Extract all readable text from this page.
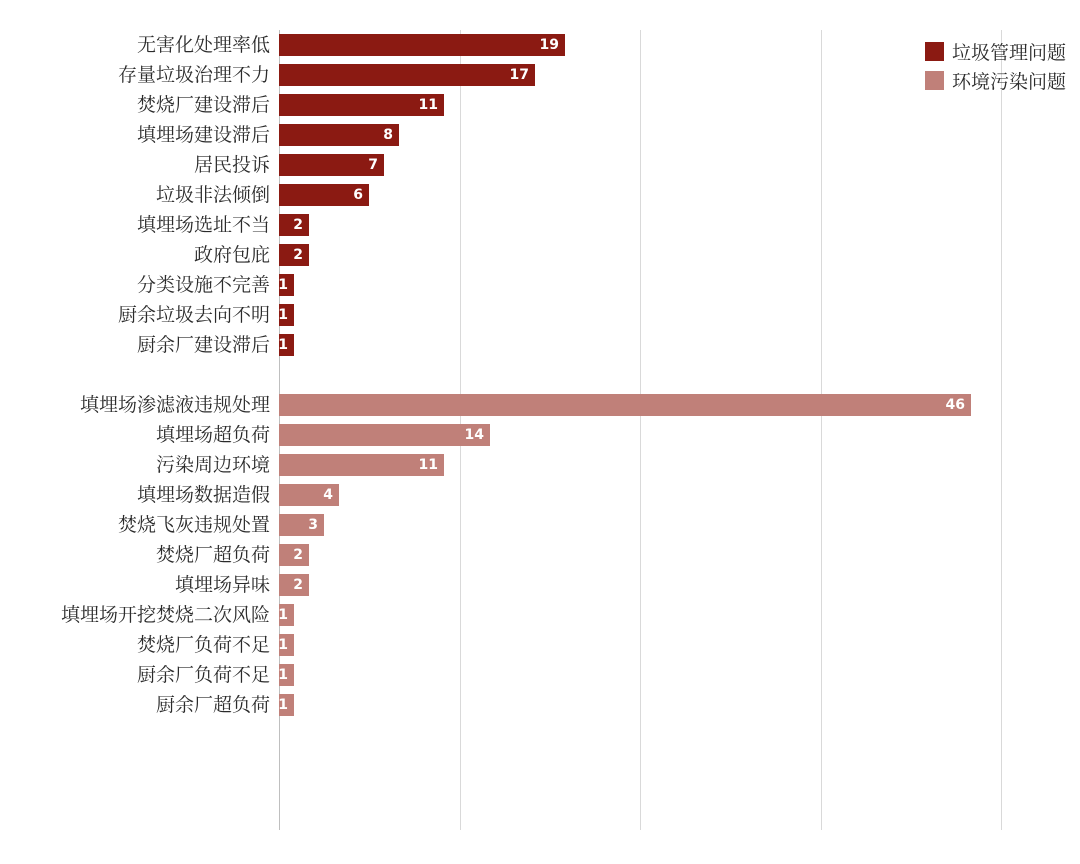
无害化处理率低	19
存量垃圾治理不力	17
焚烧厂建设滞后	11
填埋场建设滞后	8
居民投诉	7
垃圾非法倾倒	6
填埋场选址不当	2
政府包庇	2
分类设施不完善 1
厨余垃圾去向不明 1
厨余厂建设滞后 1
填埋场渗滤液违规处理	46
填埋场超负荷	14
污染周边环境	11
填埋场数据造假	4
焚烧飞灰违规处置	3
焚烧厂超负荷	2
填埋场异味	2
填埋场开挖焚烧二次风险 1
焚烧厂负荷不足 1
厨余厂负荷不足 1
厨余厂超负荷 1
垃圾管理问题
环境污染问题
